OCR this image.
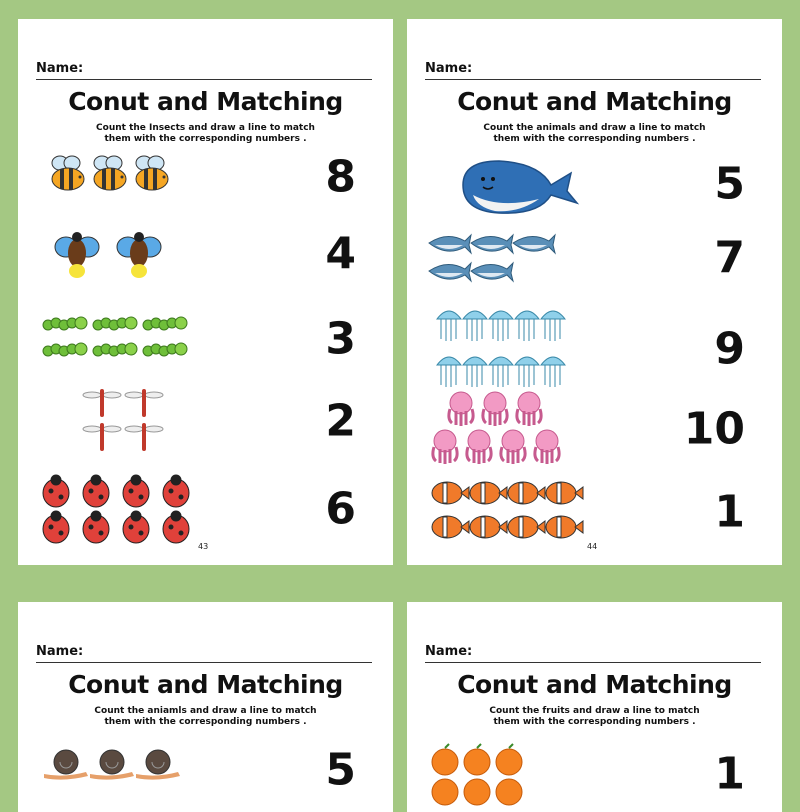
Name:
Conut and Matching
Count the Insects and draw a line to match
them with the corresponding numbers .
8
4
3
2
6
43
Name:
Conut and Matching
Count the animals and draw a line to match
them with the corresponding numbers .
5
7
9
10
1
44
Name:
Conut and Matching
Count the aniamls and draw a line to match
them with the corresponding numbers .
5
Name:
Conut and Matching
Count the fruits and draw a line to match
them with the corresponding numbers .
1
